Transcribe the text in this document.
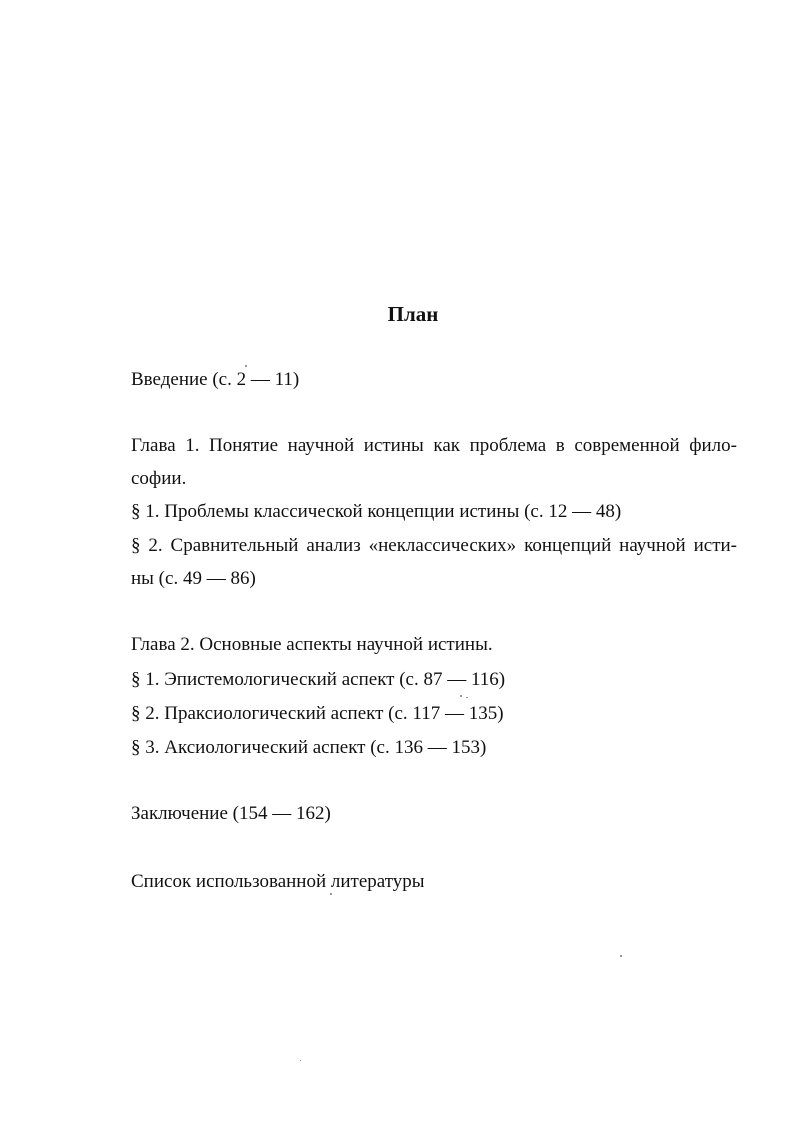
План
Введение (с. 2 — 11)
Глава 1. Понятие научной истины как проблема в современной фило-
софии.
§ 1. Проблемы классической концепции истины (с. 12 — 48)
§ 2. Сравнительный анализ «неклассических» концепций научной исти-
ны (с. 49 — 86)
Глава 2. Основные аспекты научной истины.
§ 1. Эпистемологический аспект (с. 87 — 116)
§ 2. Праксиологический аспект (с. 117 — 135)
§ 3. Аксиологический аспект (с. 136 — 153)
Заключение (154 — 162)
Список использованной литературы
